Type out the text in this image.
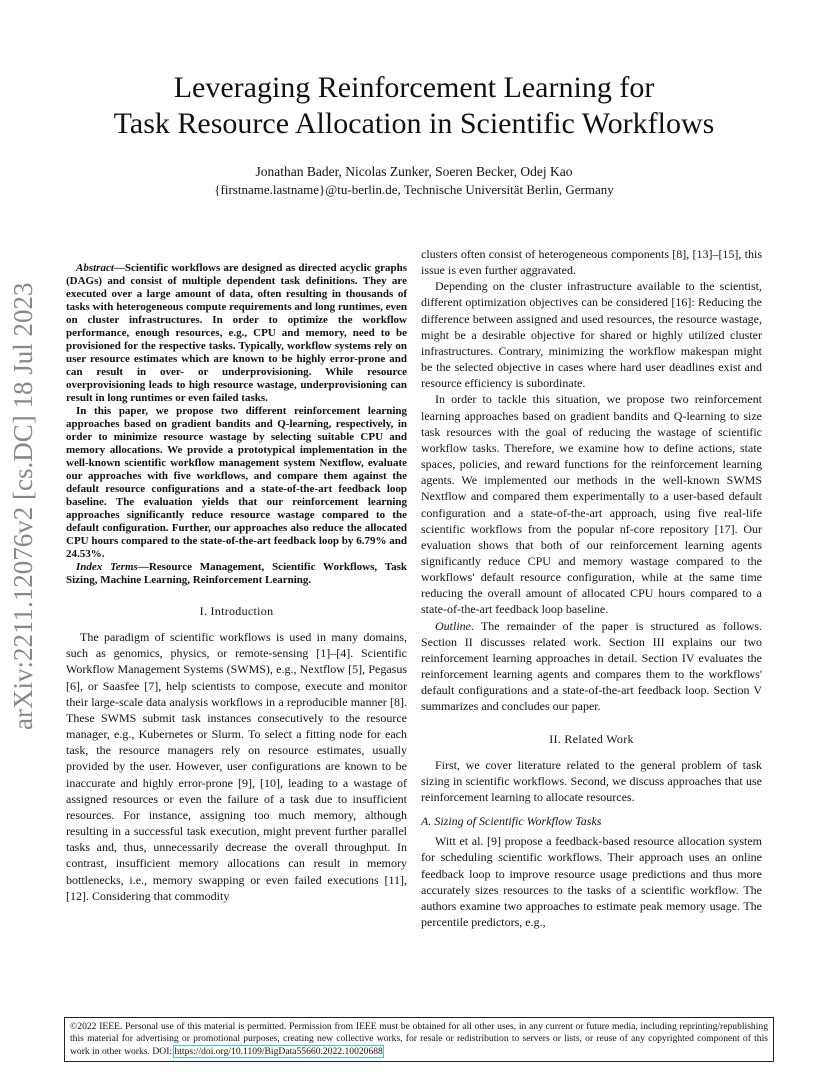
Leveraging Reinforcement Learning for
Task Resource Allocation in Scientific Workflows
Jonathan Bader, Nicolas Zunker, Soeren Becker, Odej Kao
{firstname.lastname}@tu-berlin.de, Technische Universität Berlin, Germany
arXiv:2211.12076v2 [cs.DC] 18 Jul 2023

Abstract—Scientific workflows are designed as directed acyclic graphs (DAGs) and consist of multiple dependent task definitions. They are executed over a large amount of data, often resulting in thousands of tasks with heterogeneous compute requirements and long runtimes, even on cluster infrastructures. In order to optimize the workflow performance, enough resources, e.g., CPU and memory, need to be provisioned for the respective tasks. Typically, workflow systems rely on user resource estimates which are known to be highly error-prone and can result in over- or underprovisioning. While resource overprovisioning leads to high resource wastage, underprovisioning can result in long runtimes or even failed tasks.

In this paper, we propose two different reinforcement learning approaches based on gradient bandits and Q-learning, respectively, in order to minimize resource wastage by selecting suitable CPU and memory allocations. We provide a prototypical implementation in the well-known scientific workflow management system Nextflow, evaluate our approaches with five workflows, and compare them against the default resource configurations and a state-of-the-art feedback loop baseline. The evaluation yields that our reinforcement learning approaches significantly reduce resource wastage compared to the default configuration. Further, our approaches also reduce the allocated CPU hours compared to the state-of-the-art feedback loop by 6.79% and 24.53%.

Index Terms—Resource Management, Scientific Workflows, Task Sizing, Machine Learning, Reinforcement Learning.

I. Introduction

The paradigm of scientific workflows is used in many domains, such as genomics, physics, or remote-sensing [1]–[4]. Scientific Workflow Management Systems (SWMS), e.g., Nextflow [5], Pegasus [6], or Saasfee [7], help scientists to compose, execute and monitor their large-scale data analysis workflows in a reproducible manner [8]. These SWMS submit task instances consecutively to the resource manager, e.g., Kubernetes or Slurm. To select a fitting node for each task, the resource managers rely on resource estimates, usually provided by the user. However, user configurations are known to be inaccurate and highly error-prone [9], [10], leading to a wastage of assigned resources or even the failure of a task due to insufficient resources. For instance, assigning too much memory, although resulting in a successful task execution, might prevent further parallel tasks and, thus, unnecessarily decrease the overall throughput. In contrast, insufficient memory allocations can result in memory bottlenecks, i.e., memory swapping or even failed executions [11], [12]. Considering that commodity

clusters often consist of heterogeneous components [8], [13]–[15], this issue is even further aggravated.

Depending on the cluster infrastructure available to the scientist, different optimization objectives can be considered [16]: Reducing the difference between assigned and used resources, the resource wastage, might be a desirable objective for shared or highly utilized cluster infrastructures. Contrary, minimizing the workflow makespan might be the selected objective in cases where hard user deadlines exist and resource efficiency is subordinate.

In order to tackle this situation, we propose two reinforcement learning approaches based on gradient bandits and Q-learning to size task resources with the goal of reducing the wastage of scientific workflow tasks. Therefore, we examine how to define actions, state spaces, policies, and reward functions for the reinforcement learning agents. We implemented our methods in the well-known SWMS Nextflow and compared them experimentally to a user-based default configuration and a state-of-the-art approach, using five real-life scientific workflows from the popular nf-core repository [17]. Our evaluation shows that both of our reinforcement learning agents significantly reduce CPU and memory wastage compared to the workflows' default resource configuration, while at the same time reducing the overall amount of allocated CPU hours compared to a state-of-the-art feedback loop baseline.

Outline. The remainder of the paper is structured as follows. Section II discusses related work. Section III explains our two reinforcement learning approaches in detail. Section IV evaluates the reinforcement learning agents and compares them to the workflows' default configurations and a state-of-the-art feedback loop. Section V summarizes and concludes our paper.

II. Related Work

First, we cover literature related to the general problem of task sizing in scientific workflows. Second, we discuss approaches that use reinforcement learning to allocate resources.

A. Sizing of Scientific Workflow Tasks

Witt et al. [9] propose a feedback-based resource allocation system for scheduling scientific workflows. Their approach uses an online feedback loop to improve resource usage predictions and thus more accurately sizes resources to the tasks of a scientific workflow. The authors examine two approaches to estimate peak memory usage. The percentile predictors, e.g.,

©2022 IEEE. Personal use of this material is permitted. Permission from IEEE must be obtained for all other uses, in any current or future media, including reprinting/republishing this material for advertising or promotional purposes, creating new collective works, for resale or redistribution to servers or lists, or reuse of any copyrighted component of this work in other works. DOI: https://doi.org/10.1109/BigData55660.2022.10020688
